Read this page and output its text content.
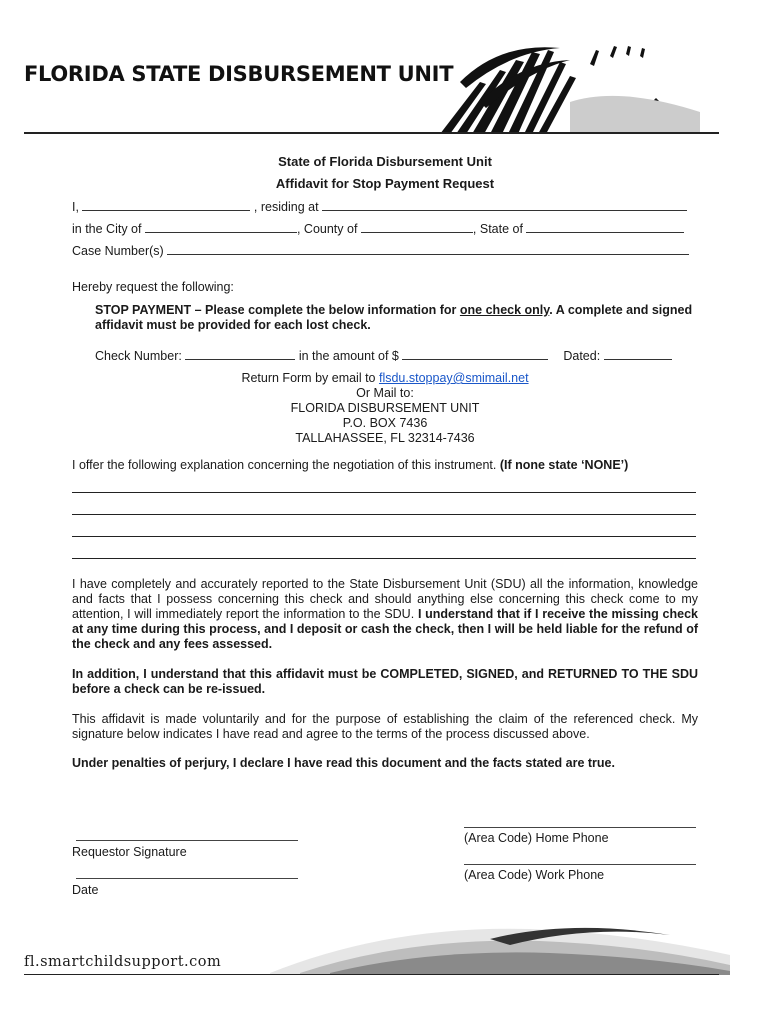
FLORIDA STATE DISBURSEMENT UNIT
State of Florida Disbursement Unit
Affidavit for Stop Payment Request
I,	, residing at
in the City of	, County of	, State of
Case Number(s)
Hereby request the following:
STOP PAYMENT – Please complete the below information for one check only. A complete and signed affidavit must be provided for each lost check.
Check Number:	in the amount of $	Dated:
Return Form by email to flsdu.stoppay@smimail.net
Or Mail to:
FLORIDA DISBURSEMENT UNIT
P.O. BOX 7436
TALLAHASSEE, FL 32314-7436
I offer the following explanation concerning the negotiation of this instrument. (If none state ‘NONE’)
I have completely and accurately reported to the State Disbursement Unit (SDU) all the information, knowledge and facts that I possess concerning this check and should anything else concerning this check come to my attention, I will immediately report the information to the SDU. I understand that if I receive the missing check at any time during this process, and I deposit or cash the check, then I will be held liable for the refund of the check and any fees assessed.
In addition, I understand that this affidavit must be COMPLETED, SIGNED, and RETURNED TO THE SDU before a check can be re-issued.
This affidavit is made voluntarily and for the purpose of establishing the claim of the referenced check. My signature below indicates I have read and agree to the terms of the process discussed above.
Under penalties of perjury, I declare I have read this document and the facts stated are true.
Requestor Signature
Date
(Area Code) Home Phone
(Area Code) Work Phone
fl.smartchildsupport.com
